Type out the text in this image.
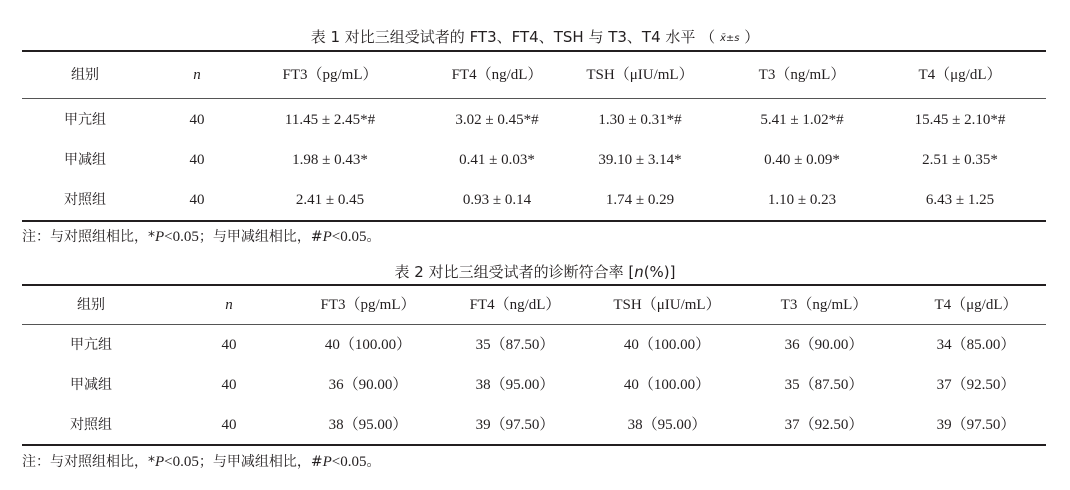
表 1 对比三组受试者的 FT3、FT4、TSH 与 T3、T4 水平 （ x̄±s ）
组别	n	FT3（pg/mL）	FT4（ng/dL）	TSH（μIU/mL）	T3（ng/mL）	T4（μg/dL）
甲亢组	40	11.45 ± 2.45*#	3.02 ± 0.45*#	1.30 ± 0.31*#	5.41 ± 1.02*#	15.45 ± 2.10*#
甲减组	40	1.98 ± 0.43*	0.41 ± 0.03*	39.10 ± 3.14*	0.40 ± 0.09*	2.51 ± 0.35*
对照组	40	2.41 ± 0.45	0.93 ± 0.14	1.74 ± 0.29	1.10 ± 0.23	6.43 ± 1.25
注：与对照组相比，*P<0.05；与甲减组相比，#P<0.05。
表 2 对比三组受试者的诊断符合率 [n(%)]
组别	n	FT3（pg/mL）	FT4（ng/dL）	TSH（μIU/mL）	T3（ng/mL）	T4（μg/dL）
甲亢组	40	40（100.00）	35（87.50）	40（100.00）	36（90.00）	34（85.00）
甲减组	40	36（90.00）	38（95.00）	40（100.00）	35（87.50）	37（92.50）
对照组	40	38（95.00）	39（97.50）	38（95.00）	37（92.50）	39（97.50）
注：与对照组相比，*P<0.05；与甲减组相比，#P<0.05。
